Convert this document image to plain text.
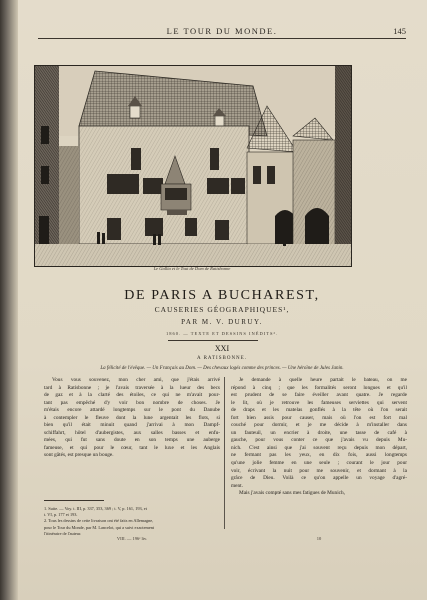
LE TOUR DU MONDE.	145
Le Gallia et le Tout de Dom de Ratisbonne
DE PARIS A BUCHAREST,
CAUSERIES GÉOGRAPHIQUES¹,
PAR M. V. DURUY.
1860. — TEXTE ET DESSINS INÉDITS².
XXI
A RATISBONNE.
La félicité de l'évêque. — Un Français au Dom. — Des chevaux logés comme des princes. — Une héroïne de Jules Janin.
Vous vous souvenez, mon cher ami, que j'étais arrivé
tard à Ratisbonne ; je l'avais traversée à la lueur des becs
de gaz et à la clarté des étoiles, ce qui ne m'avait pour-
tant pas empêché d'y voir bon nombre de choses. Je
m'étais encore attardé longtemps sur le pont du Danube
à contempler le fleuve dont la lune argentait les flots, si
bien qu'il était minuit quand j'arrivai à mon Dampf-
schiffahrt, hôtel d'aubergistes, aux salles basses et enfu-
mées, qui fut sans doute en son temps une auberge
fameuse, et qui pour le cœur, tant le luxe et les Anglais
sont gâtés, est presque un bouge.
Je demande à quelle heure partait le bateau, on me
répond à cinq ; que les formalités seront longues et qu'il
est prudent de se faire éveiller avant quatre. Je regarde
le lit, où je retrouve les fameuses serviettes qui servent
de draps et les matelas gonflés à la tête où l'on serait
fort bien assis pour causer, mais où l'on est fort mal
couché pour dormir, et je me décide à m'installer dans
un fauteuil, un encrier à droite, une tasse de café à
gauche, pour vous conter ce que j'avais vu depuis Mu-
nich. C'est ainsi que j'ai souvent reçu depuis mon départ,
ne fermant pas les yeux, en dix fois, aussi longtemps
qu'une jolie femme en une seule ; courant le jour pour
voir, écrivant la nuit pour me souvenir, et dormant à la
grâce de Dieu. Voilà ce qu'on appelle un voyage d'agré-
ment.
Mais j'avais compté sans mes fatigues de Munich,
1. Suite. — Voy. t. III, p. 337, 353, 369 ; t. V, p. 161, 193, et
t. VI, p. 177 et 193.
2. Tous les dessins de cette livraison ont été faits en Allemagne,
pour le Tour du Monde, par M. Lancelot, qui a suivi exactement
l'itinéraire de l'auteur.
VIII. — 196ᵉ liv.	10
